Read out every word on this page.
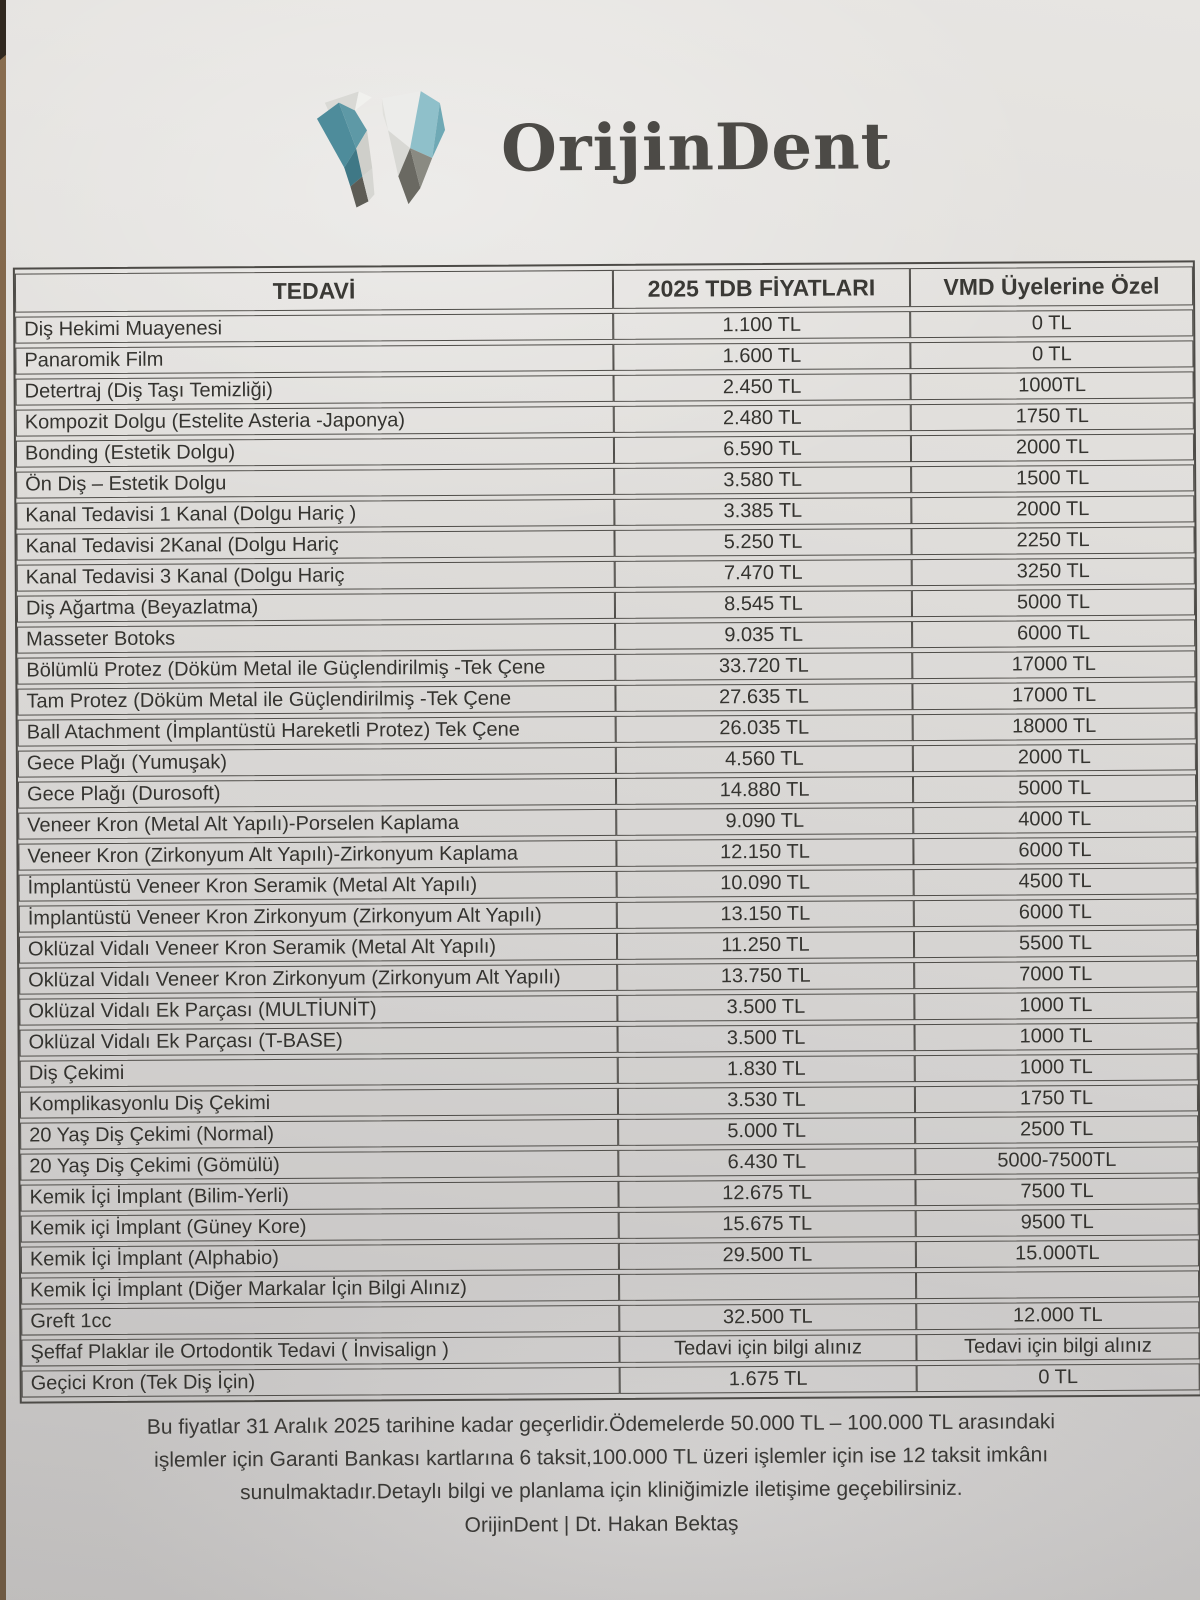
OrijinDent
TEDAVİ	2025 TDB FİYATLARI	VMD Üyelerine Özel
Diş Hekimi Muayenesi	1.100 TL	0 TL
Panaromik Film	1.600 TL	0 TL
Detertraj (Diş Taşı Temizliği)	2.450 TL	1000TL
Kompozit Dolgu (Estelite Asteria -Japonya)	2.480 TL	1750 TL
Bonding (Estetik Dolgu)	6.590 TL	2000 TL
Ön Diş – Estetik Dolgu	3.580 TL	1500 TL
Kanal Tedavisi 1 Kanal (Dolgu Hariç )	3.385 TL	2000 TL
Kanal Tedavisi 2Kanal (Dolgu Hariç	5.250 TL	2250 TL
Kanal Tedavisi 3 Kanal (Dolgu Hariç	7.470 TL	3250 TL
Diş Ağartma (Beyazlatma)	8.545 TL	5000 TL
Masseter Botoks	9.035 TL	6000 TL
Bölümlü Protez (Döküm Metal ile Güçlendirilmiş -Tek Çene	33.720 TL	17000 TL
Tam Protez (Döküm Metal ile Güçlendirilmiş -Tek Çene	27.635 TL	17000 TL
Ball Atachment (İmplantüstü Hareketli Protez) Tek Çene	26.035 TL	18000 TL
Gece Plağı (Yumuşak)	4.560 TL	2000 TL
Gece Plağı (Durosoft)	14.880 TL	5000 TL
Veneer Kron (Metal Alt Yapılı)-Porselen Kaplama	9.090 TL	4000 TL
Veneer Kron (Zirkonyum Alt Yapılı)-Zirkonyum Kaplama	12.150 TL	6000 TL
İmplantüstü Veneer Kron Seramik (Metal Alt Yapılı)	10.090 TL	4500 TL
İmplantüstü Veneer Kron Zirkonyum (Zirkonyum Alt Yapılı)	13.150 TL	6000 TL
Oklüzal Vidalı Veneer Kron Seramik (Metal Alt Yapılı)	11.250 TL	5500 TL
Oklüzal Vidalı Veneer Kron Zirkonyum (Zirkonyum Alt Yapılı)	13.750 TL	7000 TL
Oklüzal Vidalı Ek Parçası (MULTİUNİT)	3.500 TL	1000 TL
Oklüzal Vidalı Ek Parçası (T-BASE)	3.500 TL	1000 TL
Diş Çekimi	1.830 TL	1000 TL
Komplikasyonlu Diş Çekimi	3.530 TL	1750 TL
20 Yaş Diş Çekimi (Normal)	5.000 TL	2500 TL
20 Yaş Diş Çekimi (Gömülü)	6.430 TL	5000-7500TL
Kemik İçi İmplant (Bilim-Yerli)	12.675 TL	7500 TL
Kemik içi İmplant (Güney Kore)	15.675 TL	9500 TL
Kemik İçi İmplant (Alphabio)	29.500 TL	15.000TL
Kemik İçi İmplant (Diğer Markalar İçin Bilgi Alınız)		
Greft 1cc	32.500 TL	12.000 TL
Şeffaf Plaklar ile Ortodontik Tedavi ( İnvisalign )	Tedavi için bilgi alınız	Tedavi için bilgi alınız
Geçici Kron (Tek Diş İçin)	1.675 TL	0 TL
Bu fiyatlar 31 Aralık 2025 tarihine kadar geçerlidir.Ödemelerde 50.000 TL – 100.000 TL arasındaki
işlemler için Garanti Bankası kartlarına 6 taksit,100.000 TL üzeri işlemler için ise 12 taksit imkânı
sunulmaktadır.Detaylı bilgi ve planlama için kliniğimizle iletişime geçebilirsiniz.
OrijinDent | Dt. Hakan Bektaş
